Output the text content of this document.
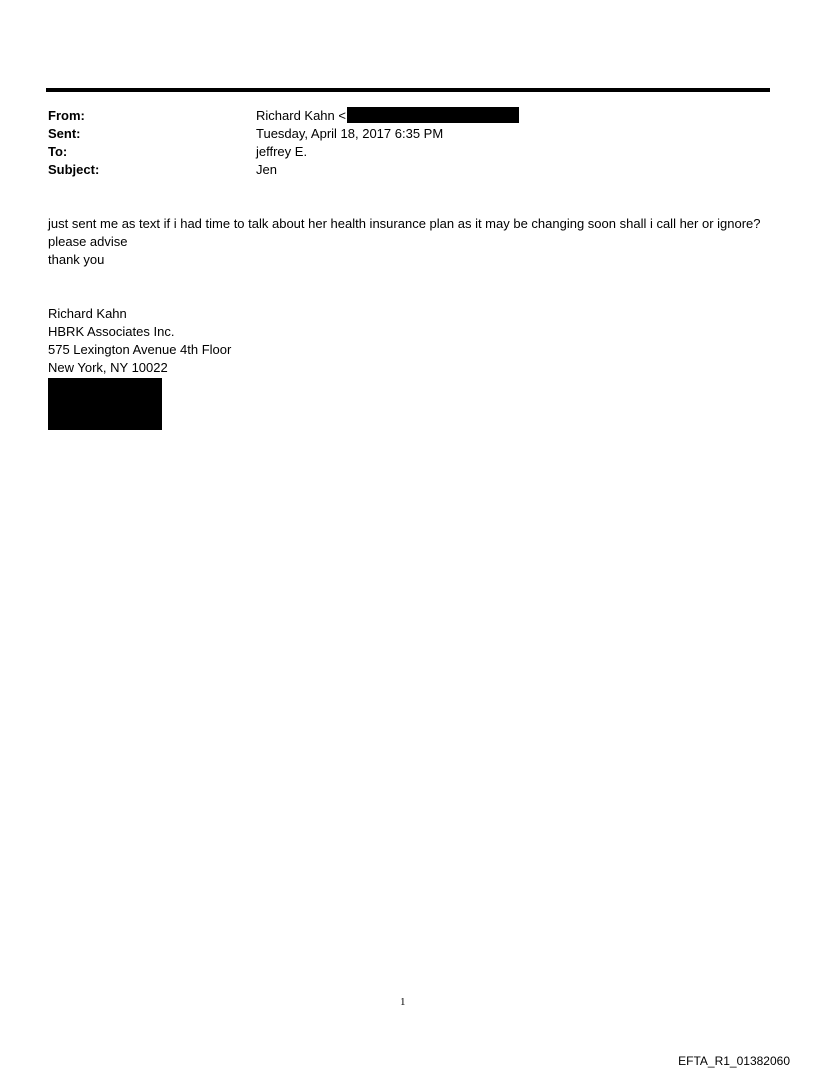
From:	Richard Kahn <
Sent:	Tuesday, April 18, 2017 6:35 PM
To:	jeffrey E.
Subject:	Jen

just sent me as text if i had time to talk about her health insurance plan as it may be changing soon shall i call her or ignore?

please advise

thank you

Richard Kahn

HBRK Associates Inc.

575 Lexington Avenue 4th Floor

New York, NY 10022

1
EFTA_R1_01382060
